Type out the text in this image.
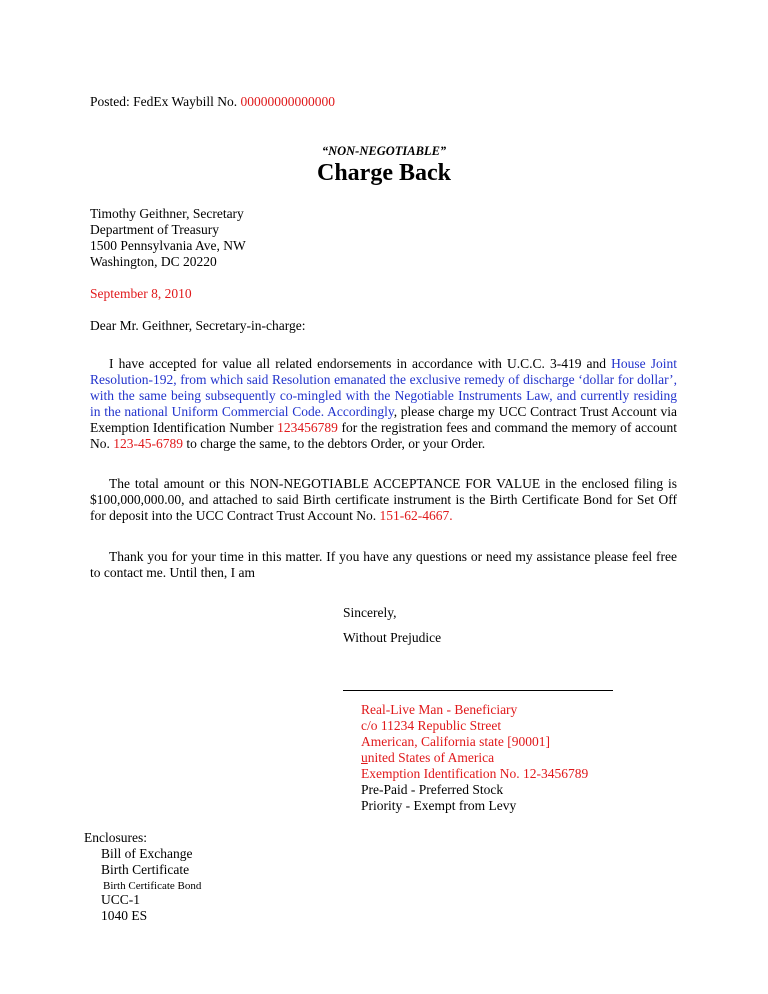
Posted: FedEx Waybill No. 00000000000000
“NON-NEGOTIABLE”
Charge Back
Timothy Geithner, Secretary
Department of Treasury
1500 Pennsylvania Ave, NW
Washington, DC 20220
September 8, 2010
Dear Mr. Geithner, Secretary-in-charge:

I have accepted for value all related endorsements in accordance with U.C.C. 3-419 and House Joint Resolution-192, from which said Resolution emanated the exclusive remedy of discharge ‘dollar for dollar’, with the same being subsequently co-mingled with the Negotiable Instruments Law, and currently residing in the national Uniform Commercial Code. Accordingly, please charge my UCC Contract Trust Account via Exemption Identification Number 123456789 for the registration fees and command the memory of account No. 123-45-6789 to charge the same, to the debtors Order, or your Order.

The total amount or this NON-NEGOTIABLE ACCEPTANCE FOR VALUE in the enclosed filing is $100,000,000.00, and attached to said Birth certificate instrument is the Birth Certificate Bond for Set Off for deposit into the UCC Contract Trust Account No. 151-62-4667.

Thank you for your time in this matter. If you have any questions or need my assistance please feel free to contact me. Until then, I am

Sincerely,
Without Prejudice
Real-Live Man - Beneficiary
c/o 11234 Republic Street
American, California state [90001]
united States of America
Exemption Identification No. 12-3456789
Pre-Paid - Preferred Stock
Priority - Exempt from Levy
Enclosures:
Bill of Exchange
Birth Certificate
Birth Certificate Bond
UCC-1
1040 ES
